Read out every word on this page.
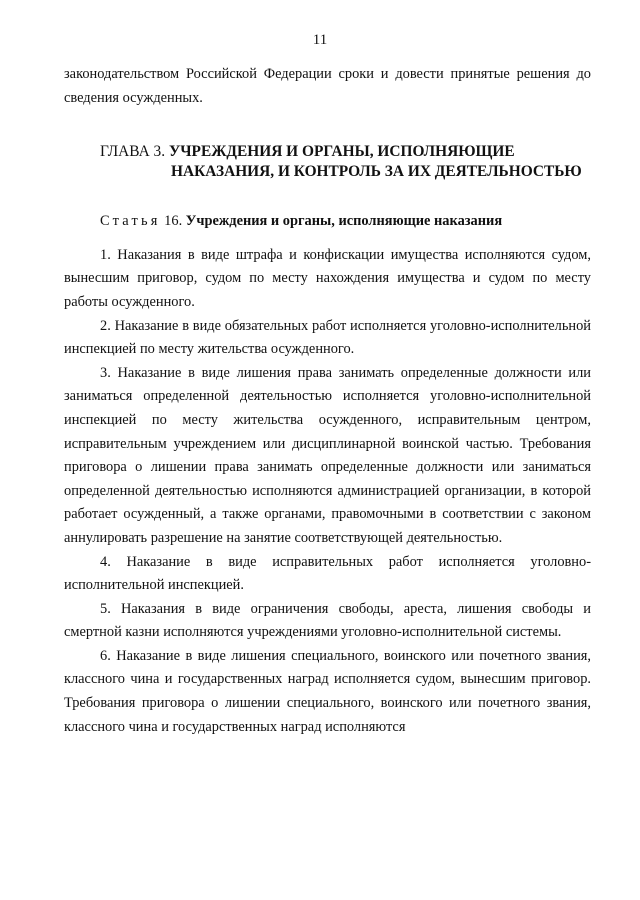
11

законодательством Российской Федерации сроки и довести принятые решения до сведения осужденных.

ГЛАВА 3. УЧРЕЖДЕНИЯ И ОРГАНЫ, ИСПОЛНЯЮЩИЕ
НАКАЗАНИЯ, И КОНТРОЛЬ ЗА ИХ ДЕЯТЕЛЬНОСТЬЮ
Статья 16. Учреждения и органы, исполняющие наказания

1. Наказания в виде штрафа и конфискации имущества исполняются судом, вынесшим приговор, судом по месту нахождения имущества и судом по месту работы осужденного.

2. Наказание в виде обязательных работ исполняется уголовно-исполнительной инспекцией по месту жительства осужденного.

3. Наказание в виде лишения права занимать определенные должности или заниматься определенной деятельностью исполняется уголовно-исполнительной инспекцией по месту жительства осужденного, исправительным центром, исправительным учреждением или дисциплинарной воинской частью. Требования приговора о лишении права занимать определенные должности или заниматься определенной деятельностью исполняются администрацией организации, в которой работает осужденный, а также органами, правомочными в соответствии с законом аннулировать разрешение на занятие соответствующей деятельностью.

4. Наказание в виде исправительных работ исполняется уголовно-исполнительной инспекцией.

5. Наказания в виде ограничения свободы, ареста, лишения свободы и смертной казни исполняются учреждениями уголовно-исполнительной системы.

6. Наказание в виде лишения специального, воинского или почетного звания, классного чина и государственных наград исполняется судом, вынесшим приговор. Требования приговора о лишении специального, воинского или почетного звания, классного чина и государственных наград исполняются
